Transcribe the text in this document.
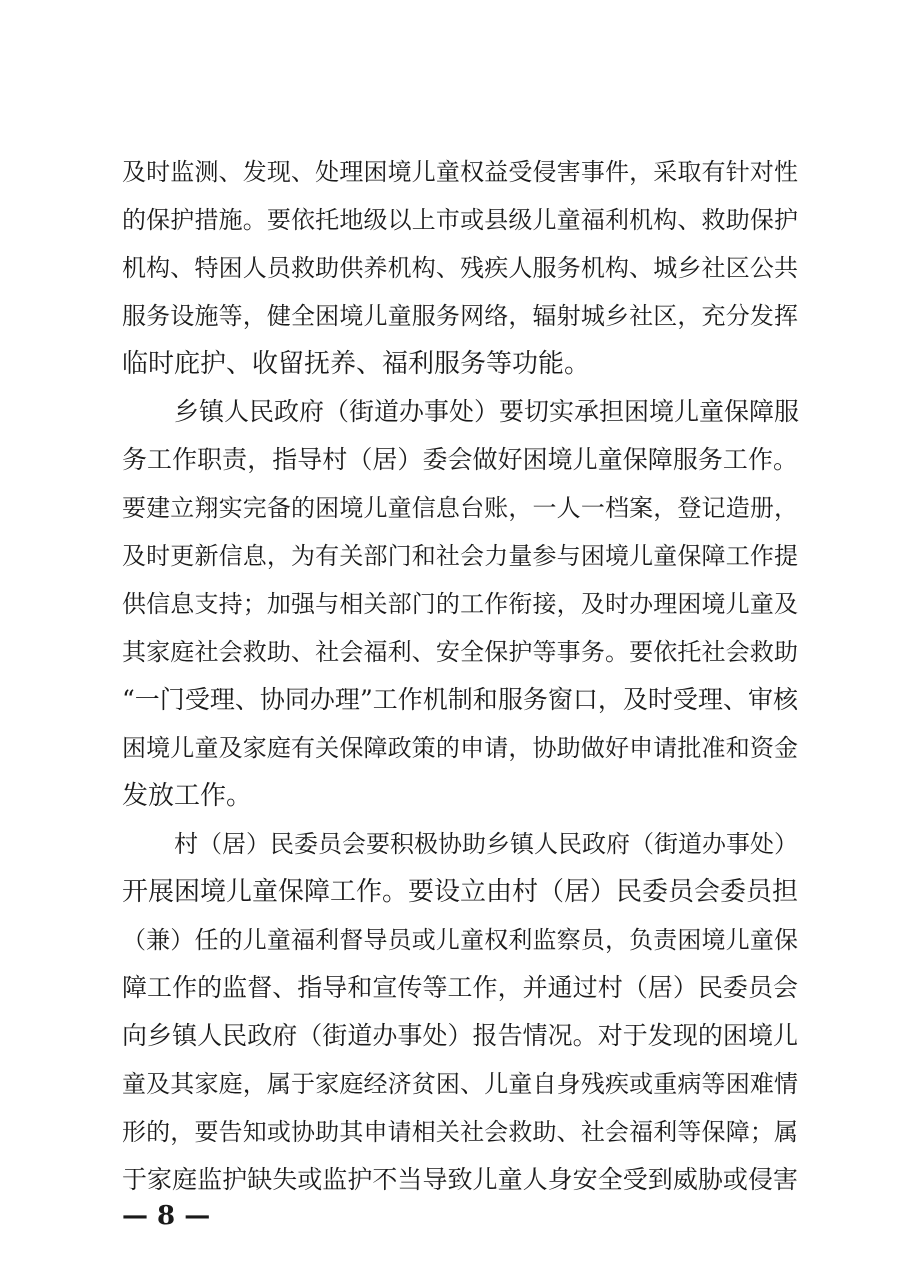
及时监测、发现、处理困境儿童权益受侵害事件，采取有针对性
的保护措施。要依托地级以上市或县级儿童福利机构、救助保护
机构、特困人员救助供养机构、残疾人服务机构、城乡社区公共
服务设施等，健全困境儿童服务网络，辐射城乡社区，充分发挥
临时庇护、收留抚养、福利服务等功能。
乡镇人民政府（街道办事处）要切实承担困境儿童保障服
务工作职责，指导村（居）委会做好困境儿童保障服务工作。
要建立翔实完备的困境儿童信息台账，一人一档案，登记造册，
及时更新信息，为有关部门和社会力量参与困境儿童保障工作提
供信息支持；加强与相关部门的工作衔接，及时办理困境儿童及
其家庭社会救助、社会福利、安全保护等事务。要依托社会救助
“一门受理、协同办理”工作机制和服务窗口，及时受理、审核
困境儿童及家庭有关保障政策的申请，协助做好申请批准和资金
发放工作。
村（居）民委员会要积极协助乡镇人民政府（街道办事处）
开展困境儿童保障工作。要设立由村（居）民委员会委员担
（兼）任的儿童福利督导员或儿童权利监察员，负责困境儿童保
障工作的监督、指导和宣传等工作，并通过村（居）民委员会
向乡镇人民政府（街道办事处）报告情况。对于发现的困境儿
童及其家庭，属于家庭经济贫困、儿童自身残疾或重病等困难情
形的，要告知或协助其申请相关社会救助、社会福利等保障；属
于家庭监护缺失或监护不当导致儿童人身安全受到威胁或侵害
— 8 —
